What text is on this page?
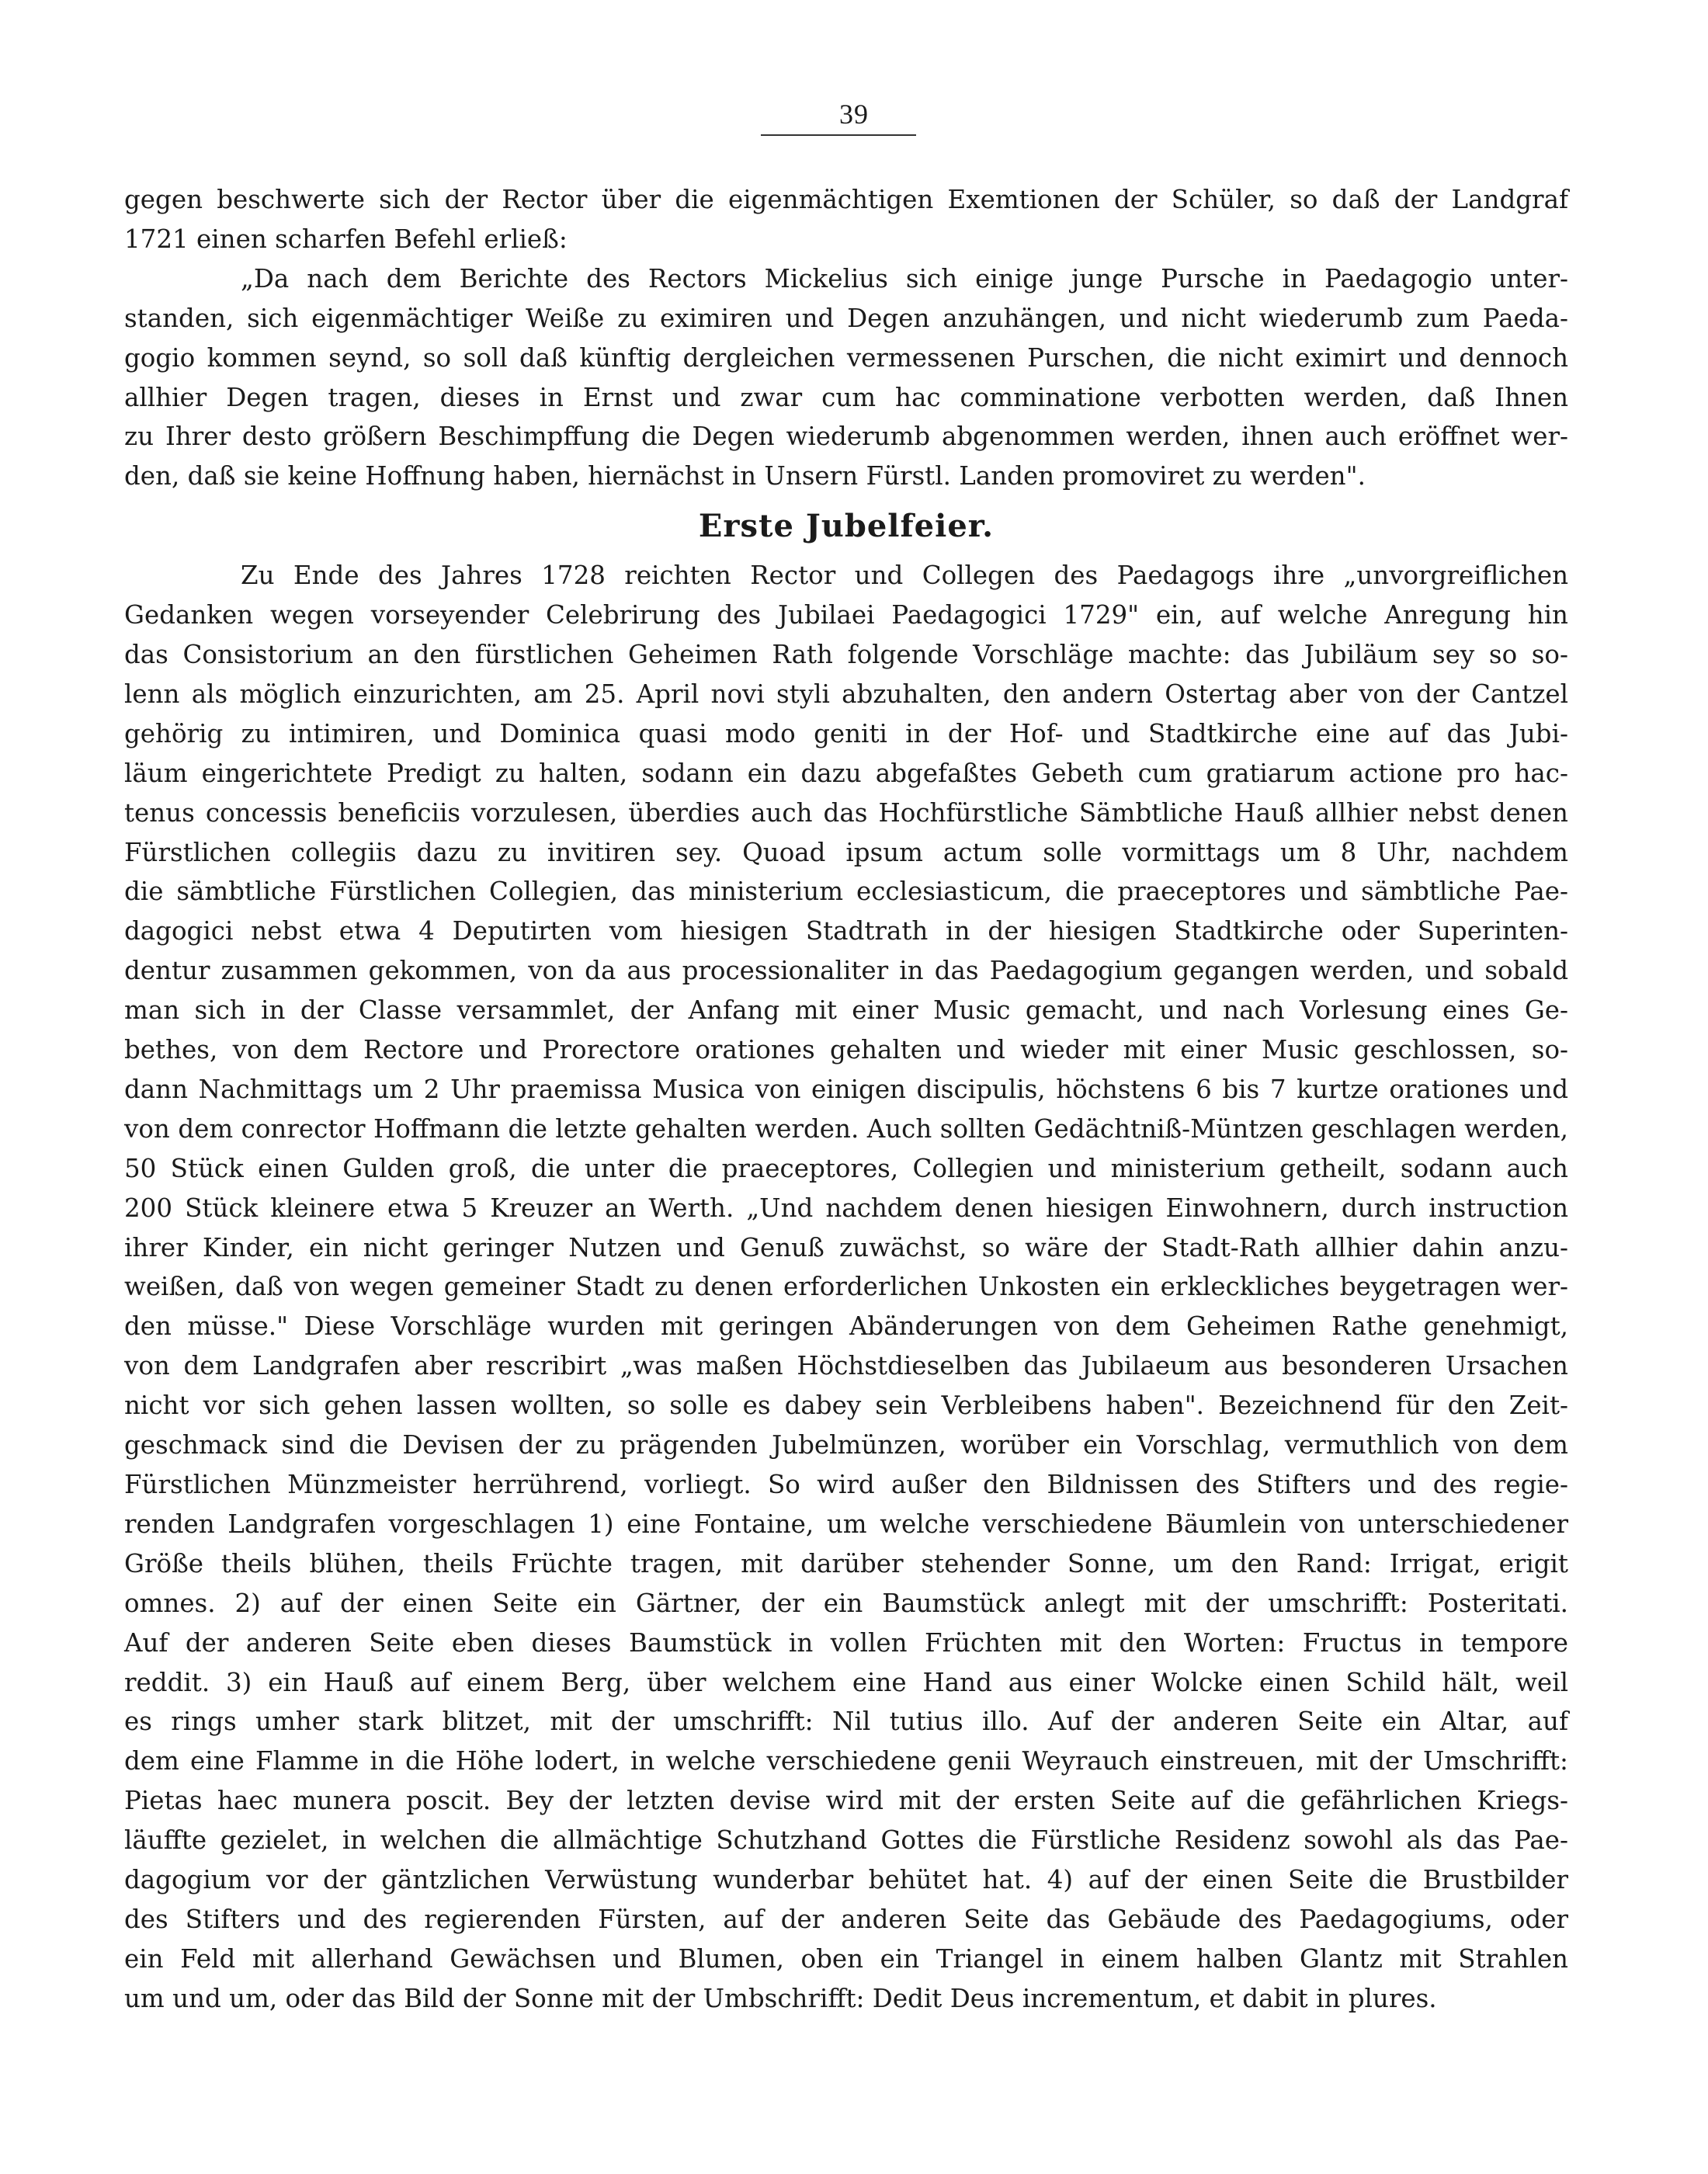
39
gegen beschwerte sich der Rector über die eigenmächtigen Exemtionen der Schüler, so daß der Landgraf
1721 einen scharfen Befehl erließ:
„Da nach dem Berichte des Rectors Mickelius sich einige junge Pursche in Paedagogio unter-
standen, sich eigenmächtiger Weiße zu eximiren und Degen anzuhängen, und nicht wiederumb zum Paeda-
gogio kommen seynd, so soll daß künftig dergleichen vermessenen Purschen, die nicht eximirt und dennoch
allhier Degen tragen, dieses in Ernst und zwar cum hac comminatione verbotten werden, daß Ihnen
zu Ihrer desto größern Beschimpffung die Degen wiederumb abgenommen werden, ihnen auch eröffnet wer-
den, daß sie keine Hoffnung haben, hiernächst in Unsern Fürstl. Landen promoviret zu werden".
Erste Jubelfeier.
Zu Ende des Jahres 1728 reichten Rector und Collegen des Paedagogs ihre „unvorgreiflichen
Gedanken wegen vorseyender Celebrirung des Jubilaei Paedagogici 1729" ein, auf welche Anregung hin
das Consistorium an den fürstlichen Geheimen Rath folgende Vorschläge machte: das Jubiläum sey so so-
lenn als möglich einzurichten, am 25. April novi styli abzuhalten, den andern Ostertag aber von der Cantzel
gehörig zu intimiren, und Dominica quasi modo geniti in der Hof- und Stadtkirche eine auf das Jubi-
läum eingerichtete Predigt zu halten, sodann ein dazu abgefaßtes Gebeth cum gratiarum actione pro hac-
tenus concessis beneficiis vorzulesen, überdies auch das Hochfürstliche Sämbtliche Hauß allhier nebst denen
Fürstlichen collegiis dazu zu invitiren sey. Quoad ipsum actum solle vormittags um 8 Uhr, nachdem
die sämbtliche Fürstlichen Collegien, das ministerium ecclesiasticum, die praeceptores und sämbtliche Pae-
dagogici nebst etwa 4 Deputirten vom hiesigen Stadtrath in der hiesigen Stadtkirche oder Superinten-
dentur zusammen gekommen, von da aus processionaliter in das Paedagogium gegangen werden, und sobald
man sich in der Classe versammlet, der Anfang mit einer Music gemacht, und nach Vorlesung eines Ge-
bethes, von dem Rectore und Prorectore orationes gehalten und wieder mit einer Music geschlossen, so-
dann Nachmittags um 2 Uhr praemissa Musica von einigen discipulis, höchstens 6 bis 7 kurtze orationes und
von dem conrector Hoffmann die letzte gehalten werden. Auch sollten Gedächtniß-Müntzen geschlagen werden,
50 Stück einen Gulden groß, die unter die praeceptores, Collegien und ministerium getheilt, sodann auch
200 Stück kleinere etwa 5 Kreuzer an Werth. „Und nachdem denen hiesigen Einwohnern, durch instruction
ihrer Kinder, ein nicht geringer Nutzen und Genuß zuwächst, so wäre der Stadt-Rath allhier dahin anzu-
weißen, daß von wegen gemeiner Stadt zu denen erforderlichen Unkosten ein erkleckliches beygetragen wer-
den müsse." Diese Vorschläge wurden mit geringen Abänderungen von dem Geheimen Rathe genehmigt,
von dem Landgrafen aber rescribirt „was maßen Höchstdieselben das Jubilaeum aus besonderen Ursachen
nicht vor sich gehen lassen wollten, so solle es dabey sein Verbleibens haben". Bezeichnend für den Zeit-
geschmack sind die Devisen der zu prägenden Jubelmünzen, worüber ein Vorschlag, vermuthlich von dem
Fürstlichen Münzmeister herrührend, vorliegt. So wird außer den Bildnissen des Stifters und des regie-
renden Landgrafen vorgeschlagen 1) eine Fontaine, um welche verschiedene Bäumlein von unterschiedener
Größe theils blühen, theils Früchte tragen, mit darüber stehender Sonne, um den Rand: Irrigat, erigit
omnes. 2) auf der einen Seite ein Gärtner, der ein Baumstück anlegt mit der umschrifft: Posteritati.
Auf der anderen Seite eben dieses Baumstück in vollen Früchten mit den Worten: Fructus in tempore
reddit. 3) ein Hauß auf einem Berg, über welchem eine Hand aus einer Wolcke einen Schild hält, weil
es rings umher stark blitzet, mit der umschrifft: Nil tutius illo. Auf der anderen Seite ein Altar, auf
dem eine Flamme in die Höhe lodert, in welche verschiedene genii Weyrauch einstreuen, mit der Umschrifft:
Pietas haec munera poscit. Bey der letzten devise wird mit der ersten Seite auf die gefährlichen Kriegs-
läuffte gezielet, in welchen die allmächtige Schutzhand Gottes die Fürstliche Residenz sowohl als das Pae-
dagogium vor der gäntzlichen Verwüstung wunderbar behütet hat. 4) auf der einen Seite die Brustbilder
des Stifters und des regierenden Fürsten, auf der anderen Seite das Gebäude des Paedagogiums, oder
ein Feld mit allerhand Gewächsen und Blumen, oben ein Triangel in einem halben Glantz mit Strahlen
um und um, oder das Bild der Sonne mit der Umbschrifft: Dedit Deus incrementum, et dabit in plures.
